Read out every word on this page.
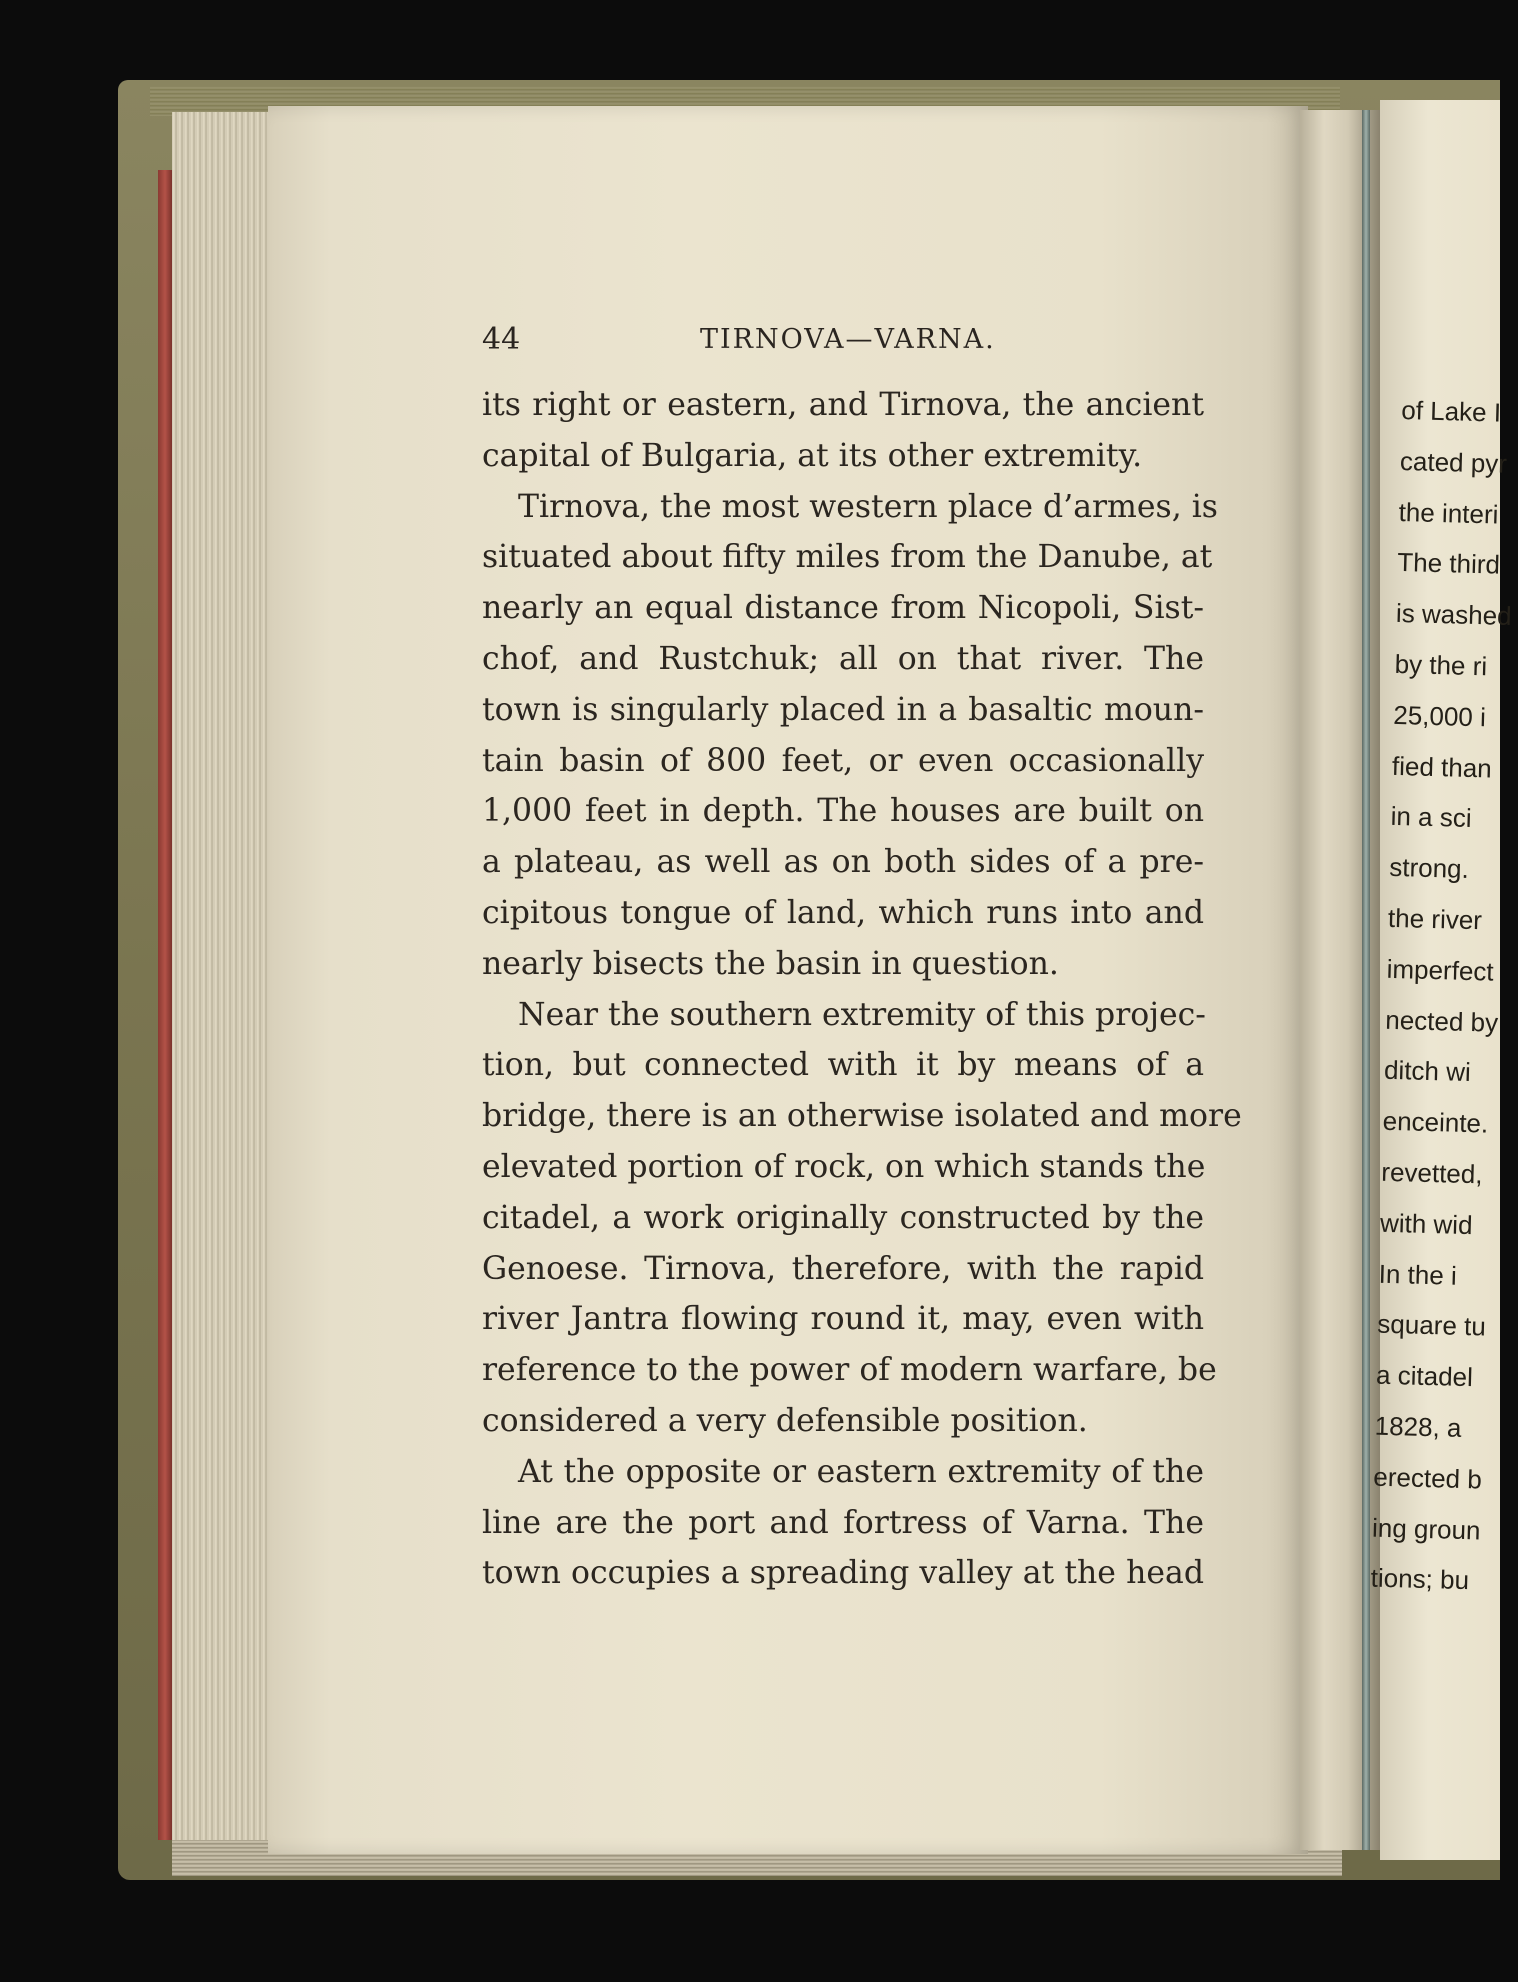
44	TIRNOVA—VARNA.
its right or eastern, and Tirnova, the ancient
capital of Bulgaria, at its other extremity.
Tirnova, the most western place d’armes, is
situated about fifty miles from the Danube, at
nearly an equal distance from Nicopoli, Sist-
chof, and Rustchuk; all on that river. The
town is singularly placed in a basaltic moun-
tain basin of 800 feet, or even occasionally
1,000 feet in depth. The houses are built on
a plateau, as well as on both sides of a pre-
cipitous tongue of land, which runs into and
nearly bisects the basin in question.
Near the southern extremity of this projec-
tion, but connected with it by means of a
bridge, there is an otherwise isolated and more
elevated portion of rock, on which stands the
citadel, a work originally constructed by the
Genoese. Tirnova, therefore, with the rapid
river Jantra flowing round it, may, even with
reference to the power of modern warfare, be
considered a very defensible position.
At the opposite or eastern extremity of the
line are the port and fortress of Varna. The
town occupies a spreading valley at the head
of Lake I
cated pyr
the interi
The third
is washed
by the ri
25,000 i
fied than
in a sci
strong.
the river
imperfect
nected by
ditch wi
enceinte.
revetted,
with wid
In the i
square tu
a citadel
1828, a
erected b
ing groun
tions; bu
